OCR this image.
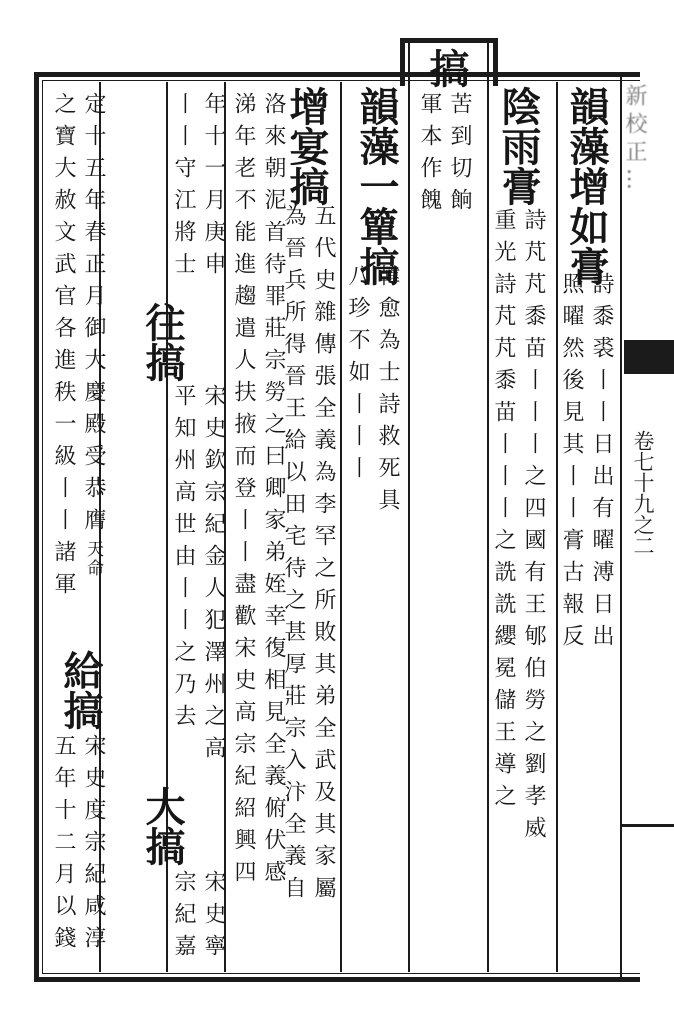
新校正…
卷七十九之二
搞
苦到切餉
軍本作餽	韻藻增如膏
詩黍裘丨丨日出有曜溥日出
照曜然後見其丨丨膏古報反
陰雨膏
詩芃芃黍苗丨丨丨之四國有王郇伯勞之劉孝威
重光詩芃芃黍苗丨丨丨之詵詵纓冕儲王導之
韻藻一簞搞
韓愈為士詩救死具
八珍不如丨丨丨
增宴搞
五代史雜傳張全義為李罕之所敗其弟全武及其家屬
為晉兵所得晉王給以田宅待之甚厚莊宗入汴全義自
洛來朝泥首待罪莊宗勞之曰卿家弟姪幸復相見全義俯伏感
涕年老不能進趨遣人扶掖而登丨丨盡歡宋史高宗紀紹興四
年十一月庚申
丨丨守江將士
往搞
宋史欽宗紀金人犯澤州之高
平知州高世由丨丨之乃去
大搞
宋史寧
宗紀嘉
定十五年春正月御大慶殿受恭膺天命
之寶大赦文武官各進秩一級丨丨諸軍
給搞
宋史度宗紀咸淳
五年十二月以錢
